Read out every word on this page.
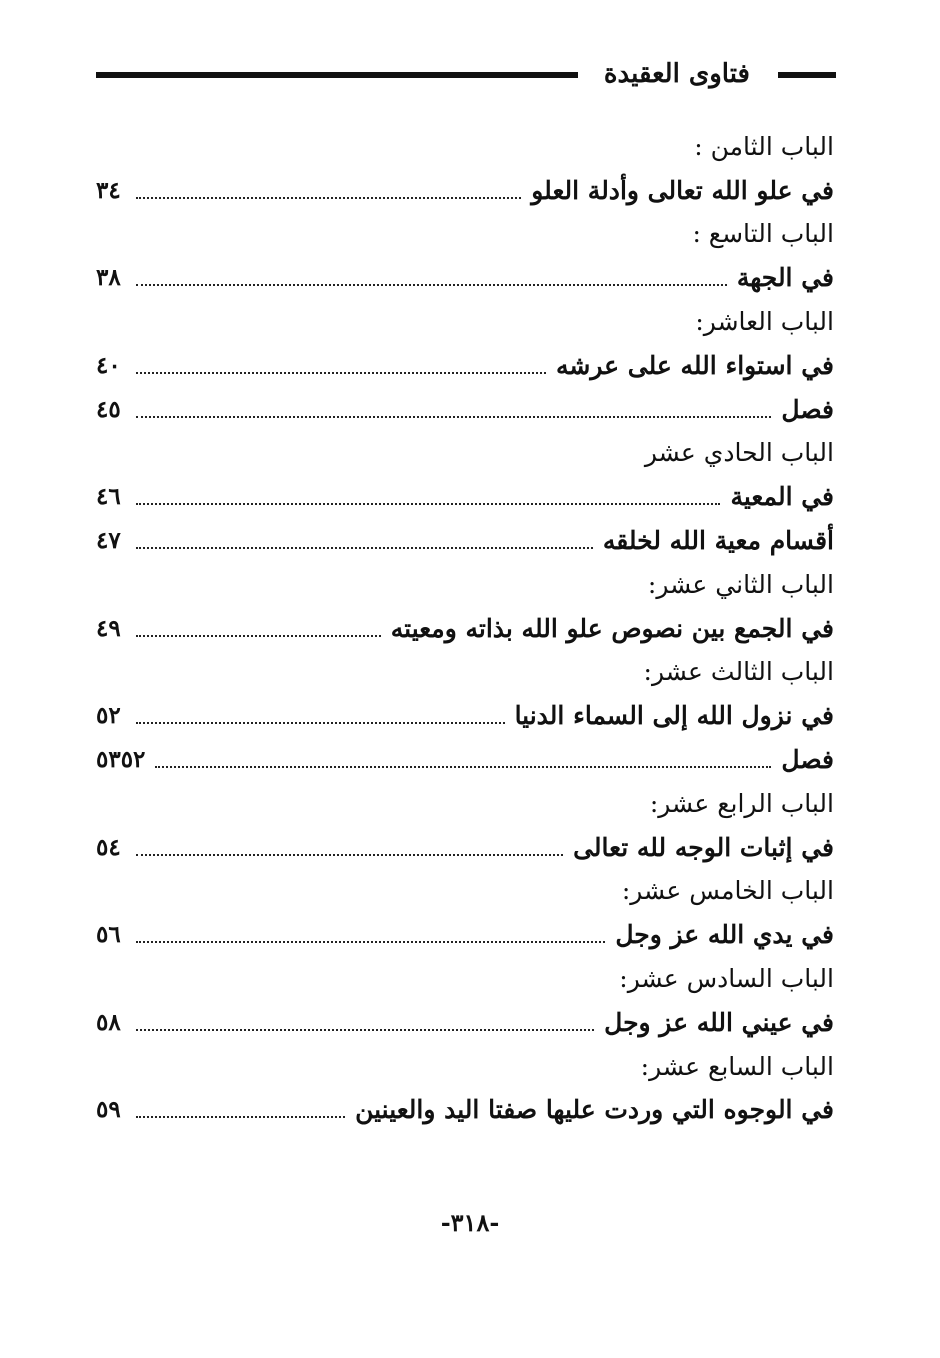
فتاوى العقيدة
الباب الثامن :
في علو الله تعالى وأدلة العلو
٣٤
الباب التاسع :
في الجهة
٣٨
الباب العاشر:
في استواء الله على عرشه
٤٠
فصل
٤٥
الباب الحادي عشر
في المعية
٤٦
أقسام معية الله لخلقه
٤٧
الباب الثاني عشر:
في الجمع بين نصوص علو الله بذاته ومعيته
٤٩
الباب الثالث عشر:
في نزول الله إلى السماء الدنيا
٥٢
فصل
٥٣٥٢
الباب الرابع عشر:
في إثبات الوجه لله تعالى
٥٤
الباب الخامس عشر:
في يدي الله عز وجل
٥٦
الباب السادس عشر:
في عيني الله عز وجل
٥٨
الباب السابع عشر:
في الوجوه التي وردت عليها صفتا اليد والعينين
٥٩
-٣١٨-
